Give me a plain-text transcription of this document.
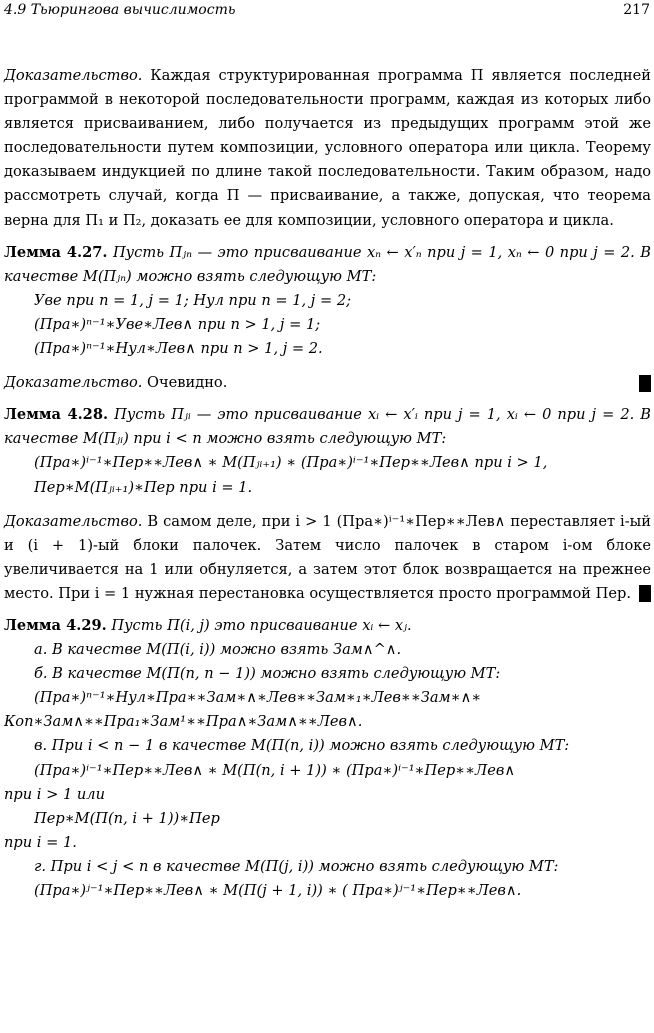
4.9 Тьюрингова вычислимость	217

Доказательство. Каждая структурированная программа П является последней программой в некоторой последовательности программ, каждая из которых либо является присваиванием, либо получается из предыдущих программ этой же последовательности путем композиции, условного оператора или цикла. Теорему доказываем индукцией по длине такой последовательности. Таким образом, надо рассмотреть случай, когда П — присваивание, а также, допуская, что теорема верна для П₁ и П₂, доказать ее для композиции, условного оператора и цикла.

Лемма 4.27. Пусть Πⱼₙ — это присваивание xₙ ← x′ₙ при j = 1, xₙ ← 0 при j = 2. В качестве M(Πⱼₙ) можно взять следующую МТ:

Уве при n = 1, j = 1; Нул при n = 1, j = 2;

(Пра∗)ⁿ⁻¹∗Уве∗Лев∧ при n > 1, j = 1;

(Пра∗)ⁿ⁻¹∗Нул∗Лев∧ при n > 1, j = 2.

Доказательство. Очевидно.

Лемма 4.28. Пусть Πⱼᵢ — это присваивание xᵢ ← x′ᵢ при j = 1, xᵢ ← 0 при j = 2. В качестве M(Πⱼᵢ) при i < n можно взять следующую МТ:

(Пра∗)ⁱ⁻¹∗Пер∗∗Лев∧ ∗ M(Πⱼᵢ₊₁) ∗ (Пра∗)ⁱ⁻¹∗Пер∗∗Лев∧ при i > 1,

Пер∗M(Πⱼᵢ₊₁)∗Пер при i = 1.

Доказательство. В самом деле, при i > 1 (Пра∗)ⁱ⁻¹∗Пер∗∗Лев∧ переставляет i-ый и (i + 1)-ый блоки палочек. Затем число палочек в старом i-ом блоке увеличивается на 1 или обнуляется, а затем этот блок возвращается на прежнее место. При i = 1 нужная перестановка осуществляется просто программой Пер.

Лемма 4.29. Пусть Π(i, j) это присваивание xᵢ ← xⱼ.

а. В качестве M(Π(i, i)) можно взять Зам∧^∧.

б. В качестве M(Π(n, n − 1)) можно взять следующую МТ:

(Пра∗)ⁿ⁻¹∗Нул∗Пра∗∗Зам∗∧∗Лев∗∗Зам∗₁∗Лев∗∗Зам∗∧∗

Коп∗Зам∧∗∗Пра₁∗Зам¹∗∗Пра∧∗Зам∧∗∗Лев∧.

в. При i < n − 1 в качестве M(Π(n, i)) можно взять следующую МТ:

(Пра∗)ⁱ⁻¹∗Пер∗∗Лев∧ ∗ M(Π(n, i + 1)) ∗ (Пра∗)ⁱ⁻¹∗Пер∗∗Лев∧

при i > 1 или

Пер∗M(Π(n, i + 1))∗Пер

при i = 1.

г. При i < j < n в качестве M(Π(j, i)) можно взять следующую МТ:

(Пра∗)ʲ⁻¹∗Пер∗∗Лев∧ ∗ M(Π(j + 1, i)) ∗ ( Пра∗)ʲ⁻¹∗Пер∗∗Лев∧.
